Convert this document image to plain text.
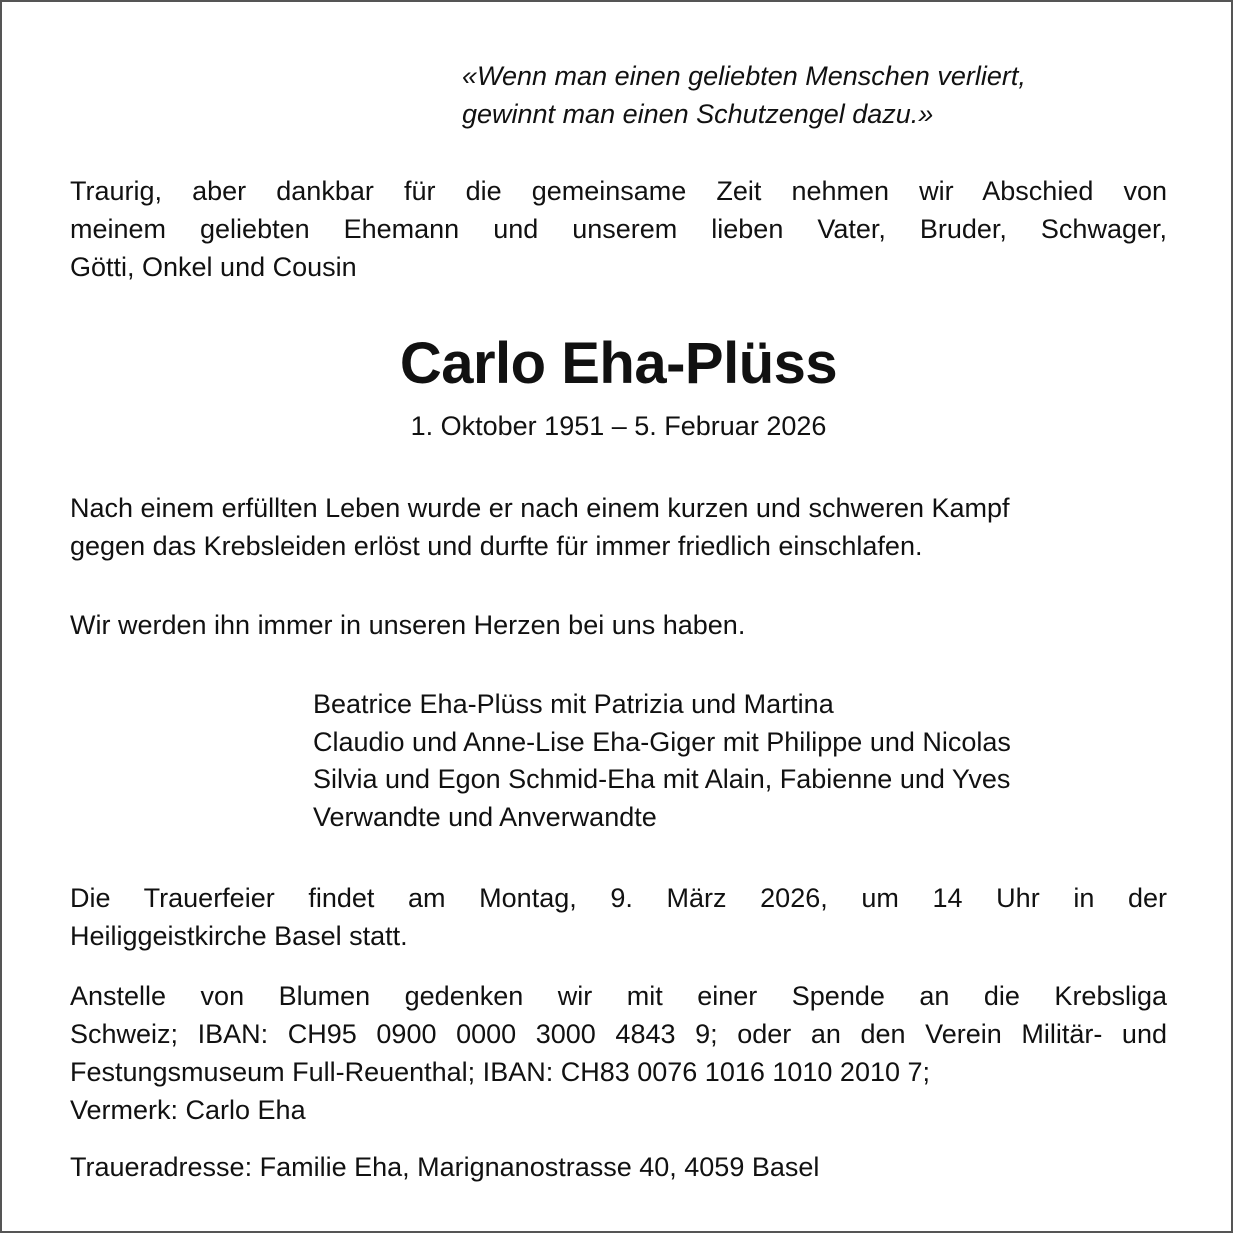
«Wenn man einen geliebten Menschen verliert,
gewinnt man einen Schutzengel dazu.»
Traurig, aber dankbar für die gemeinsame Zeit nehmen wir Abschied von
meinem geliebten Ehemann und unserem lieben Vater, Bruder, Schwager,
Götti, Onkel und Cousin
Carlo Eha-Plüss
1. Oktober 1951 – 5. Februar 2026
Nach einem erfüllten Leben wurde er nach einem kurzen und schweren Kampf
gegen das Krebsleiden erlöst und durfte für immer friedlich einschlafen.
Wir werden ihn immer in unseren Herzen bei uns haben.
Beatrice Eha-Plüss mit Patrizia und Martina
Claudio und Anne-Lise Eha-Giger mit Philippe und Nicolas
Silvia und Egon Schmid-Eha mit Alain, Fabienne und Yves
Verwandte und Anverwandte
Die Trauerfeier findet am Montag, 9. März 2026, um 14 Uhr in der
Heiliggeistkirche Basel statt.
Anstelle von Blumen gedenken wir mit einer Spende an die Krebsliga
Schweiz; IBAN: CH95 0900 0000 3000 4843 9; oder an den Verein Militär- und
Festungsmuseum Full-Reuenthal; IBAN: CH83 0076 1016 1010 2010 7;
Vermerk: Carlo Eha
Traueradresse: Familie Eha, Marignanostrasse 40, 4059 Basel
